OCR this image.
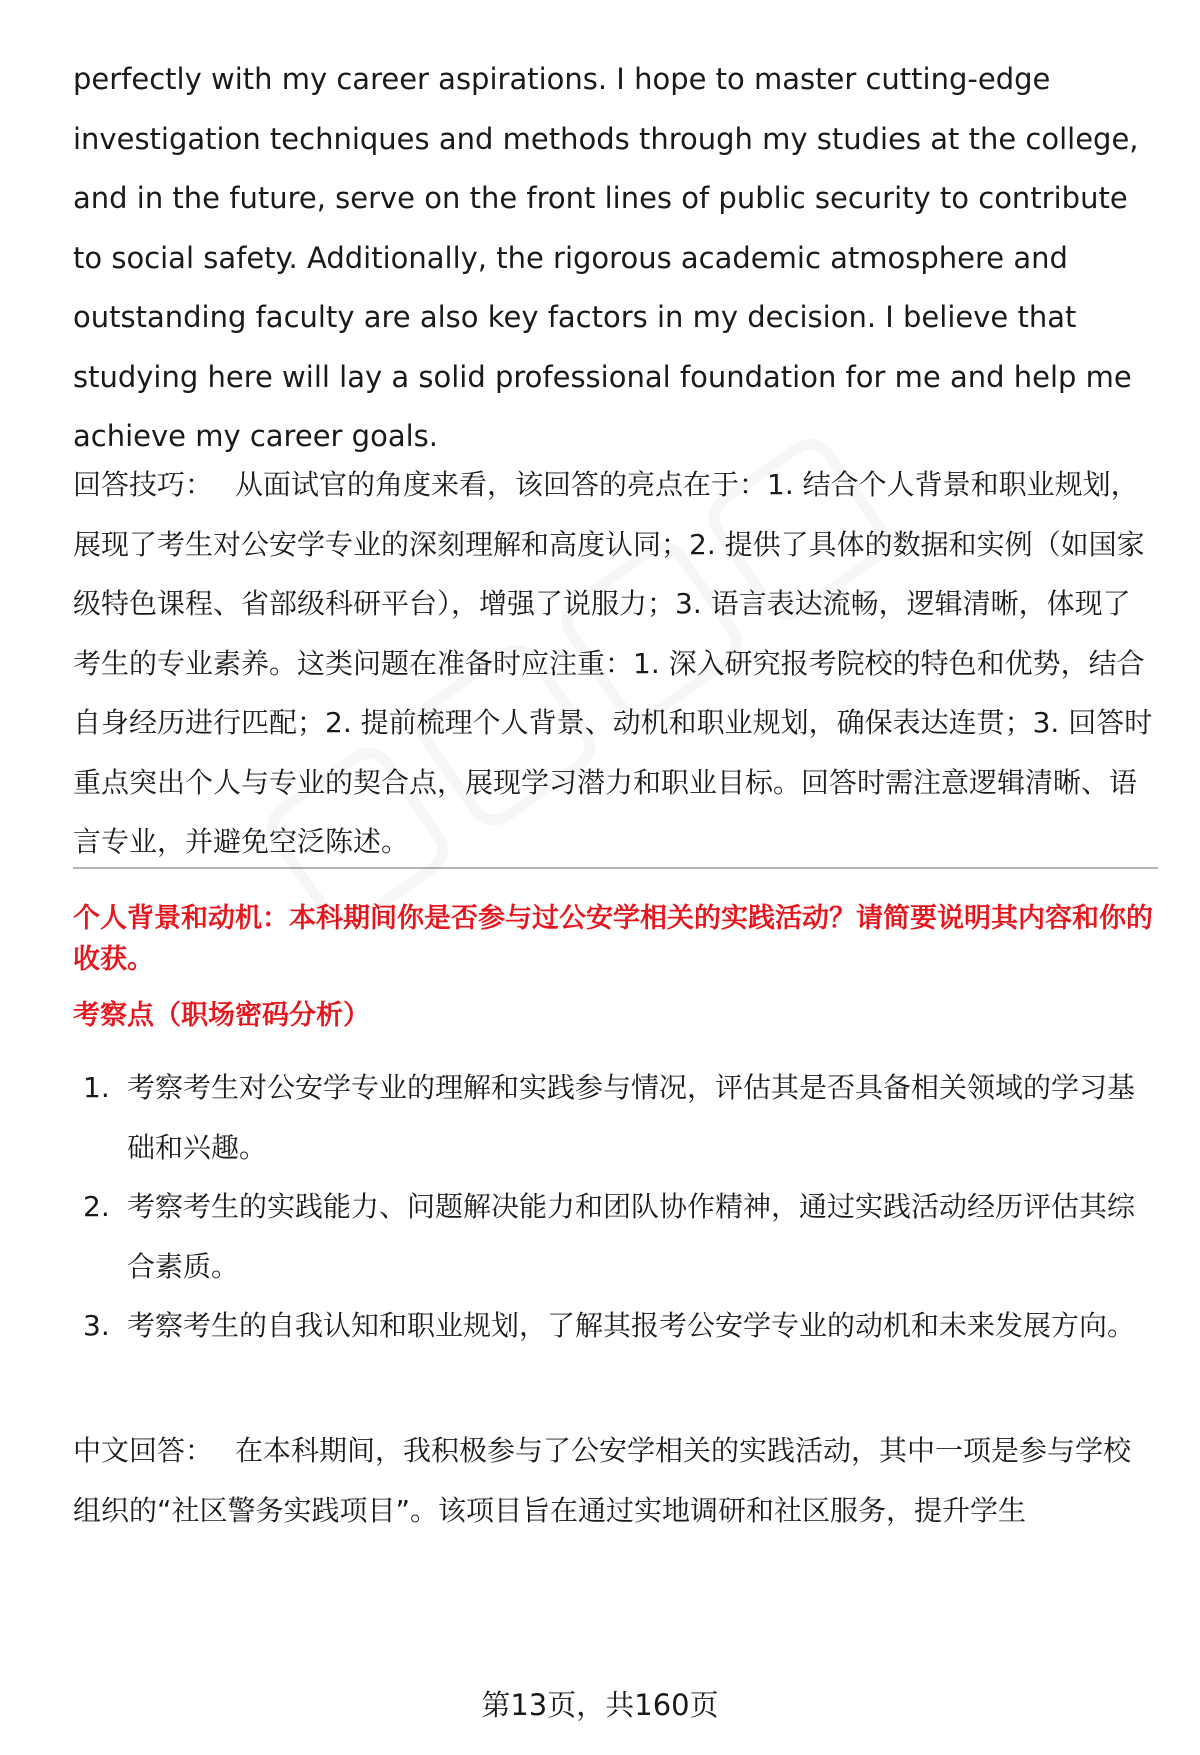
perfectly with my career aspirations. I hope to master cutting-edge investigation techniques and methods through my studies at the college, and in the future, serve on the front lines of public security to contribute to social safety. Additionally, the rigorous academic atmosphere and outstanding faculty are also key factors in my decision. I believe that studying here will lay a solid professional foundation for me and help me achieve my career goals.

回答技巧： 从面试官的角度来看，该回答的亮点在于：1. 结合个人背景和职业规划，展现了考生对公安学专业的深刻理解和高度认同；2. 提供了具体的数据和实例（如国家级特色课程、省部级科研平台），增强了说服力；3. 语言表达流畅，逻辑清晰，体现了考生的专业素养。这类问题在准备时应注重：1. 深入研究报考院校的特色和优势，结合自身经历进行匹配；2. 提前梳理个人背景、动机和职业规划，确保表达连贯；3. 回答时重点突出个人与专业的契合点，展现学习潜力和职业目标。回答时需注意逻辑清晰、语言专业，并避免空泛陈述。

个人背景和动机：本科期间你是否参与过公安学相关的实践活动？请简要说明其内容和你的收获。

考察点（职场密码分析）

1. 考察考生对公安学专业的理解和实践参与情况，评估其是否具备相关领域的学习基础和兴趣。
2. 考察考生的实践能力、问题解决能力和团队协作精神，通过实践活动经历评估其综合素质。
3. 考察考生的自我认知和职业规划，了解其报考公安学专业的动机和未来发展方向。

中文回答： 在本科期间，我积极参与了公安学相关的实践活动，其中一项是参与学校组织的“社区警务实践项目”。该项目旨在通过实地调研和社区服务，提升学生

第13页，共160页
